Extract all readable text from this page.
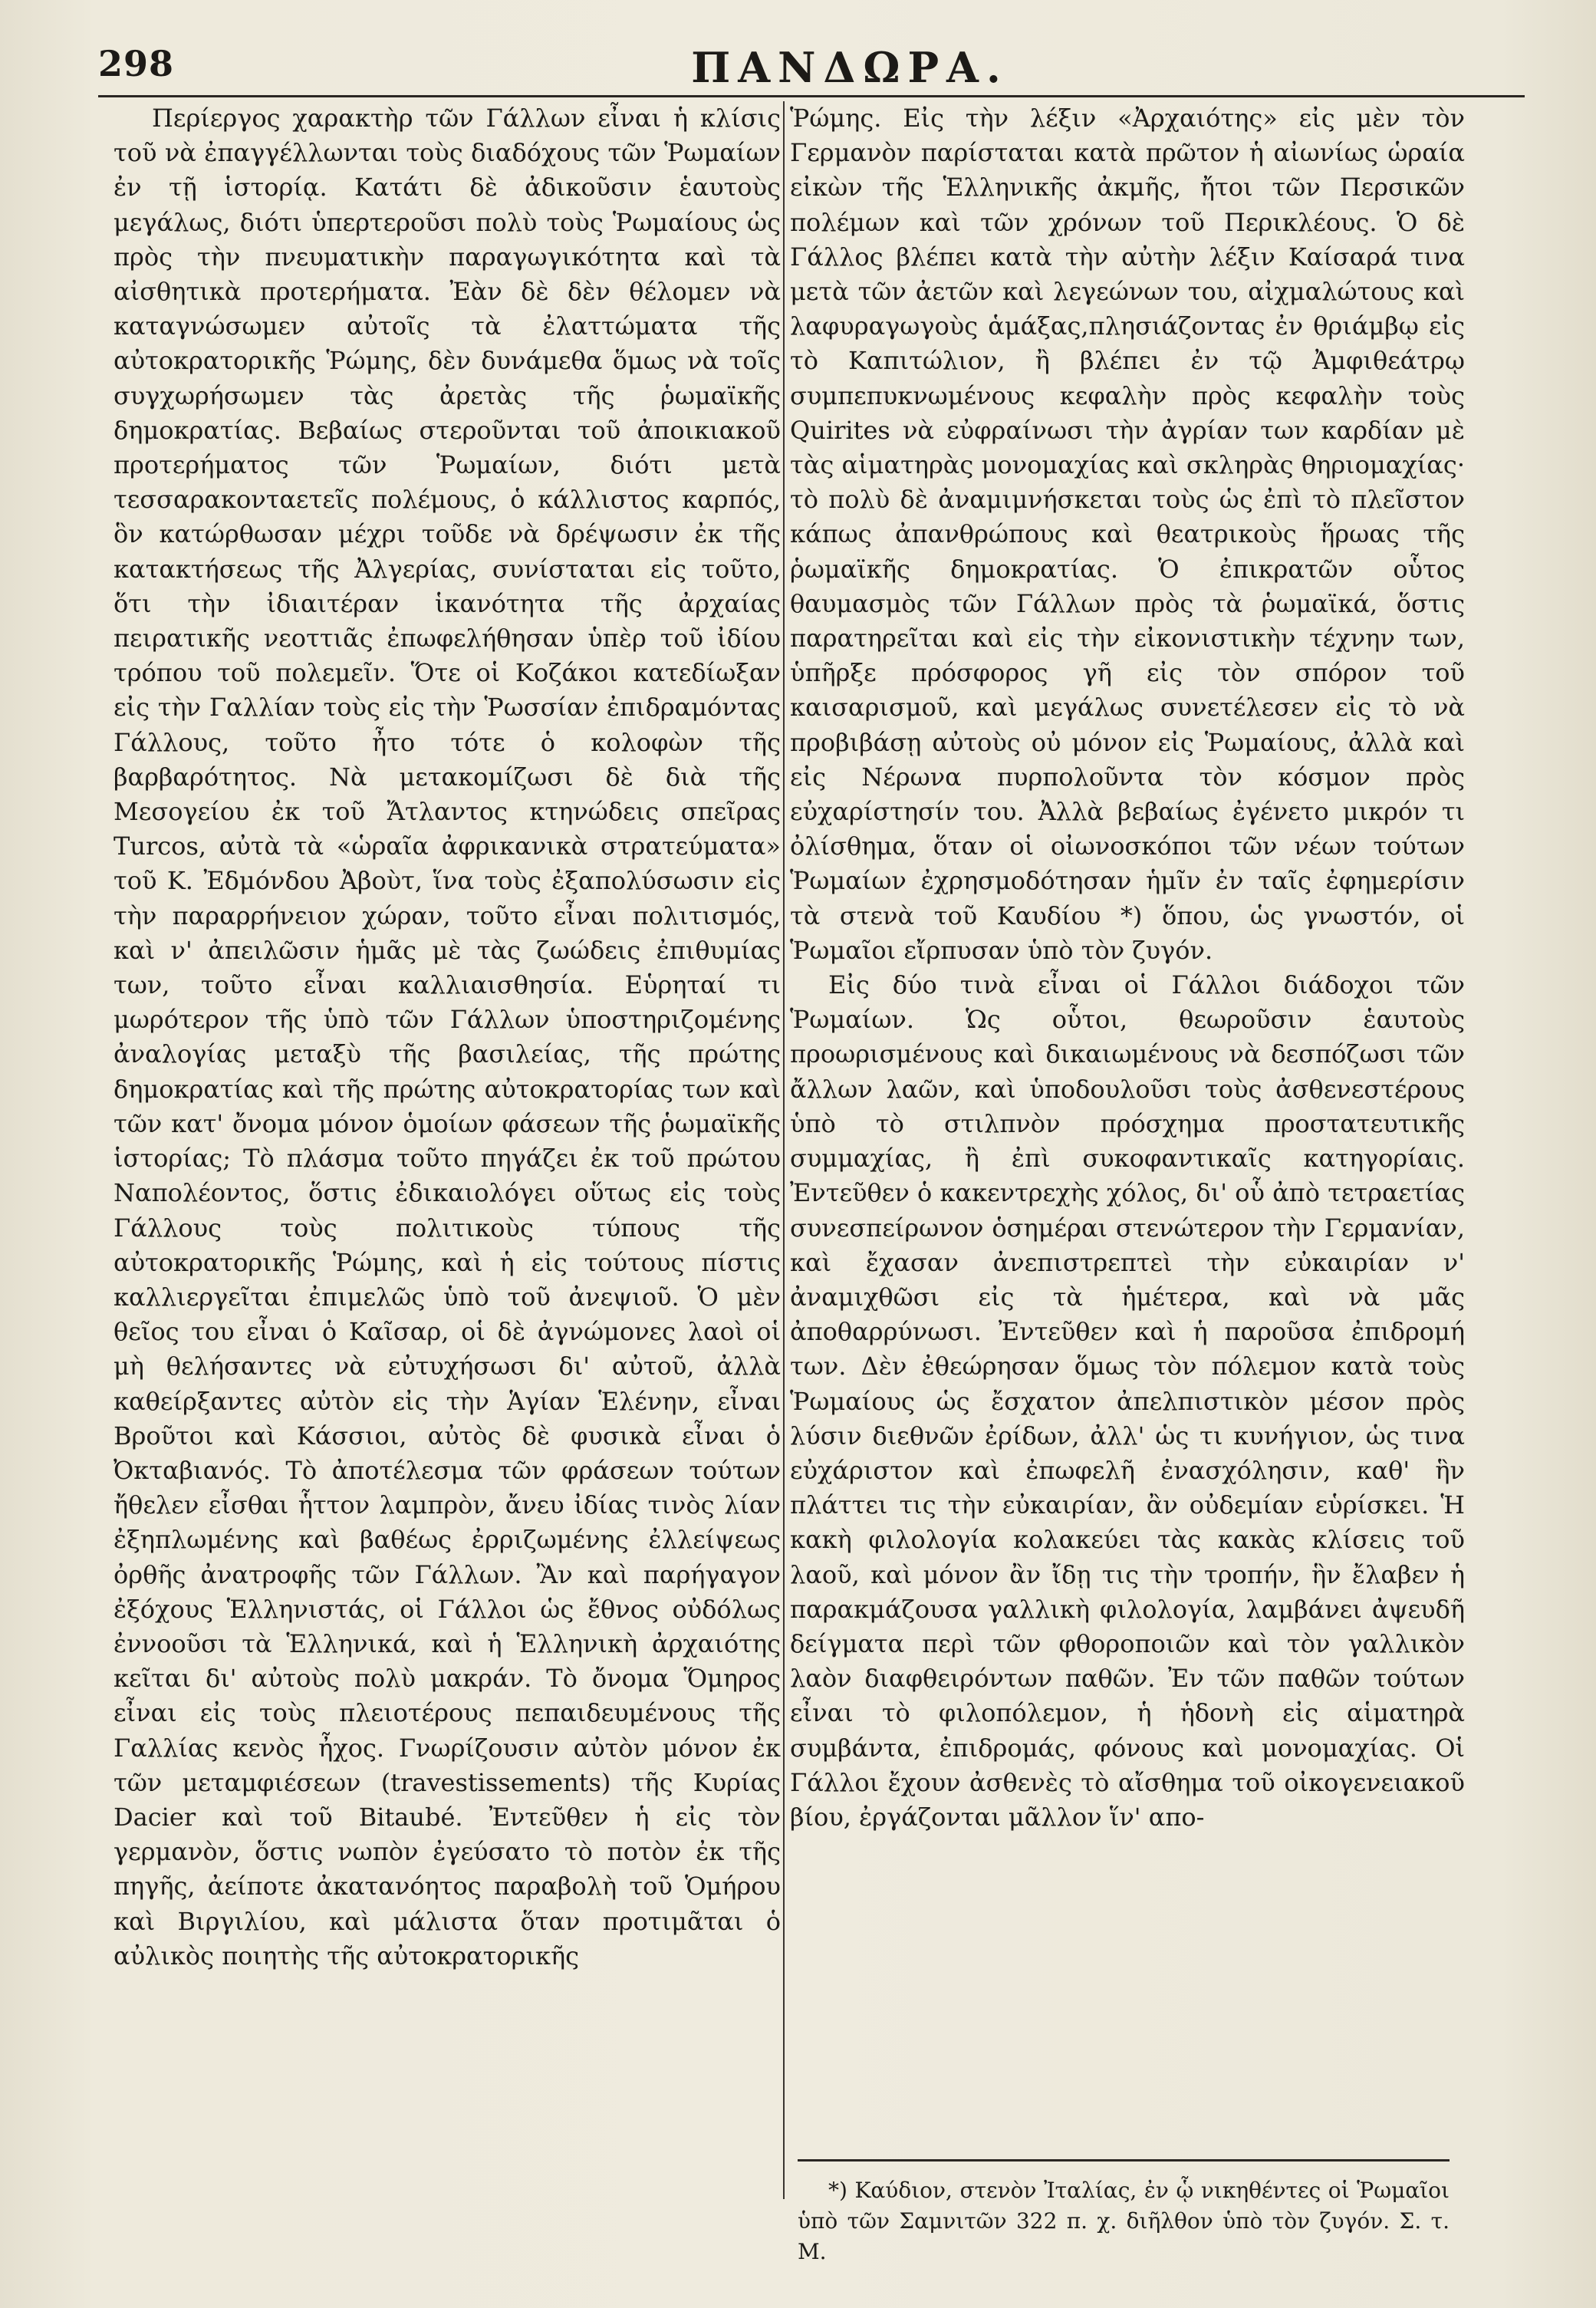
298	ΠΑΝΔΩΡΑ.

Περίεργος χαρακτὴρ τῶν Γάλλων εἶναι ἡ κλίσις τοῦ νὰ ἐπαγγέλλωνται τοὺς διαδόχους τῶν Ῥωμαίων ἐν τῇ ἱστορίᾳ. Κατάτι δὲ ἀδικοῦσιν ἑαυτοὺς μεγάλως, διότι ὑπερτεροῦσι πολὺ τοὺς Ῥωμαίους ὡς πρὸς τὴν πνευματικὴν παραγωγικότητα καὶ τὰ αἰσθητικὰ προτερήματα. Ἐὰν δὲ δὲν θέλομεν νὰ καταγνώσωμεν αὐτοῖς τὰ ἐλαττώματα τῆς αὐτοκρατορικῆς Ῥώμης, δὲν δυνάμεθα ὅμως νὰ τοῖς συγχωρήσωμεν τὰς ἀρετὰς τῆς ῥωμαϊκῆς δημοκρατίας. Βεβαίως στεροῦνται τοῦ ἀποικιακοῦ προτερήματος τῶν Ῥωμαίων, διότι μετὰ τεσσαρακονταετεῖς πολέμους, ὁ κάλλιστος καρπός, ὃν κατώρθωσαν μέχρι τοῦδε νὰ δρέψωσιν ἐκ τῆς κατακτήσεως τῆς Ἀλγερίας, συνίσταται εἰς τοῦτο, ὅτι τὴν ἰδιαιτέραν ἱκανότητα τῆς ἀρχαίας πειρατικῆς νεοττιᾶς ἐπωφελήθησαν ὑπὲρ τοῦ ἰδίου τρόπου τοῦ πολεμεῖν. Ὅτε οἱ Κοζάκοι κατεδίωξαν εἰς τὴν Γαλλίαν τοὺς εἰς τὴν Ῥωσσίαν ἐπιδραμόντας Γάλλους, τοῦτο ἦτο τότε ὁ κολοφὼν τῆς βαρβαρότητος. Νὰ μετακομίζωσι δὲ διὰ τῆς Μεσογείου ἐκ τοῦ Ἄτλαντος κτηνώδεις σπεῖρας Turcos, αὐτὰ τὰ «ὡραῖα ἀφρικανικὰ στρατεύματα» τοῦ Κ. Ἐδμόνδου Ἀβοὺτ, ἵνα τοὺς ἐξαπολύσωσιν εἰς τὴν παραρρήνειον χώραν, τοῦτο εἶναι πολιτισμός, καὶ ν' ἀπειλῶσιν ἡμᾶς μὲ τὰς ζωώδεις ἐπιθυμίας των, τοῦτο εἶναι καλλιαισθησία. Εὑρηταί τι μωρότερον τῆς ὑπὸ τῶν Γάλλων ὑποστηριζομένης ἀναλογίας μεταξὺ τῆς βασιλείας, τῆς πρώτης δημοκρατίας καὶ τῆς πρώτης αὐτοκρατορίας των καὶ τῶν κατ' ὄνομα μόνον ὁμοίων φάσεων τῆς ῥωμαϊκῆς ἱστορίας; Τὸ πλάσμα τοῦτο πηγάζει ἐκ τοῦ πρώτου Ναπολέοντος, ὅστις ἐδικαιολόγει οὕτως εἰς τοὺς Γάλλους τοὺς πολιτικοὺς τύπους τῆς αὐτοκρατορικῆς Ῥώμης, καὶ ἡ εἰς τούτους πίστις καλλιεργεῖται ἐπιμελῶς ὑπὸ τοῦ ἀνεψιοῦ. Ὁ μὲν θεῖος του εἶναι ὁ Καῖσαρ, οἱ δὲ ἀγνώμονες λαοὶ οἱ μὴ θελήσαντες νὰ εὐτυχήσωσι δι' αὐτοῦ, ἀλλὰ καθείρξαντες αὐτὸν εἰς τὴν Ἁγίαν Ἑλένην, εἶναι Βροῦτοι καὶ Κάσσιοι, αὐτὸς δὲ φυσικὰ εἶναι ὁ Ὀκταβιανός. Τὸ ἀποτέλεσμα τῶν φράσεων τούτων ἤθελεν εἶσθαι ἧττον λαμπρὸν, ἄνευ ἰδίας τινὸς λίαν ἐξηπλωμένης καὶ βαθέως ἐρριζωμένης ἐλλείψεως ὀρθῆς ἀνατροφῆς τῶν Γάλλων. Ἂν καὶ παρήγαγον ἐξόχους Ἑλληνιστάς, οἱ Γάλλοι ὡς ἔθνος οὐδόλως ἐννοοῦσι τὰ Ἑλληνικά, καὶ ἡ Ἑλληνικὴ ἀρχαιότης κεῖται δι' αὐτοὺς πολὺ μακράν. Τὸ ὄνομα Ὅμηρος εἶναι εἰς τοὺς πλειοτέρους πεπαιδευμένους τῆς Γαλλίας κενὸς ἦχος. Γνωρίζουσιν αὐτὸν μόνον ἐκ τῶν μεταμφιέσεων (travestissements) τῆς Κυρίας Dacier καὶ τοῦ Bitaubé. Ἐντεῦθεν ἡ εἰς τὸν γερμανὸν, ὅστις νωπὸν ἐγεύσατο τὸ ποτὸν ἐκ τῆς πηγῆς, ἀείποτε ἀκατανόητος παραβολὴ τοῦ Ὁμήρου καὶ Βιργιλίου, καὶ μάλιστα ὅταν προτιμᾶται ὁ αὐλικὸς ποιητὴς τῆς αὐτοκρατορικῆς

Ῥώμης. Εἰς τὴν λέξιν «Ἀρχαιότης» εἰς μὲν τὸν Γερμανὸν παρίσταται κατὰ πρῶτον ἡ αἰωνίως ὡραία εἰκὼν τῆς Ἑλληνικῆς ἀκμῆς, ἤτοι τῶν Περσικῶν πολέμων καὶ τῶν χρόνων τοῦ Περικλέους. Ὁ δὲ Γάλλος βλέπει κατὰ τὴν αὐτὴν λέξιν Καίσαρά τινα μετὰ τῶν ἀετῶν καὶ λεγεώνων του, αἰχμαλώτους καὶ λαφυραγωγοὺς ἁμάξας,πλησιάζοντας ἐν θριάμβῳ εἰς τὸ Καπιτώλιον, ἢ βλέπει ἐν τῷ Ἀμφιθεάτρῳ συμπεπυκνωμένους κεφαλὴν πρὸς κεφαλὴν τοὺς Quirites νὰ εὐφραίνωσι τὴν ἀγρίαν των καρδίαν μὲ τὰς αἱματηρὰς μονομαχίας καὶ σκληρὰς θηριομαχίας· τὸ πολὺ δὲ ἀναμιμνήσκεται τοὺς ὡς ἐπὶ τὸ πλεῖστον κάπως ἀπανθρώπους καὶ θεατρικοὺς ἥρωας τῆς ῥωμαϊκῆς δημοκρατίας. Ὁ ἐπικρατῶν οὗτος θαυμασμὸς τῶν Γάλλων πρὸς τὰ ῥωμαϊκά, ὅστις παρατηρεῖται καὶ εἰς τὴν εἰκονιστικὴν τέχνην των, ὑπῆρξε πρόσφορος γῆ εἰς τὸν σπόρον τοῦ καισαρισμοῦ, καὶ μεγάλως συνετέλεσεν εἰς τὸ νὰ προβιβάσῃ αὐτοὺς οὐ μόνον εἰς Ῥωμαίους, ἀλλὰ καὶ εἰς Νέρωνα πυρπολοῦντα τὸν κόσμον πρὸς εὐχαρίστησίν του. Ἀλλὰ βεβαίως ἐγένετο μικρόν τι ὀλίσθημα, ὅταν οἱ οἰωνοσκόποι τῶν νέων τούτων Ῥωμαίων ἐχρησμοδότησαν ἡμῖν ἐν ταῖς ἐφημερίσιν τὰ στενὰ τοῦ Καυδίου *) ὅπου, ὡς γνωστόν, οἱ Ῥωμαῖοι εἴρπυσαν ὑπὸ τὸν ζυγόν.

Εἰς δύο τινὰ εἶναι οἱ Γάλλοι διάδοχοι τῶν Ῥωμαίων. Ὡς οὗτοι, θεωροῦσιν ἑαυτοὺς προωρισμένους καὶ δικαιωμένους νὰ δεσπόζωσι τῶν ἄλλων λαῶν, καὶ ὑποδουλοῦσι τοὺς ἀσθενεστέρους ὑπὸ τὸ στιλπνὸν πρόσχημα προστατευτικῆς συμμαχίας, ἢ ἐπὶ συκοφαντικαῖς κατηγορίαις. Ἐντεῦθεν ὁ κακεντρεχὴς χόλος, δι' οὗ ἀπὸ τετραετίας συνεσπείρωνον ὁσημέραι στενώτερον τὴν Γερμανίαν, καὶ ἔχασαν ἀνεπιστρεπτεὶ τὴν εὐκαιρίαν ν' ἀναμιχθῶσι εἰς τὰ ἡμέτερα, καὶ νὰ μᾶς ἀποθαρρύνωσι. Ἐντεῦθεν καὶ ἡ παροῦσα ἐπιδρομή των. Δὲν ἐθεώρησαν ὅμως τὸν πόλεμον κατὰ τοὺς Ῥωμαίους ὡς ἔσχατον ἀπελπιστικὸν μέσον πρὸς λύσιν διεθνῶν ἐρίδων, ἀλλ' ὡς τι κυνήγιον, ὡς τινα εὐχάριστον καὶ ἐπωφελῆ ἐνασχόλησιν, καθ' ἣν πλάττει τις τὴν εὐκαιρίαν, ἂν οὐδεμίαν εὑρίσκει. Ἡ κακὴ φιλολογία κολακεύει τὰς κακὰς κλίσεις τοῦ λαοῦ, καὶ μόνον ἂν ἴδῃ τις τὴν τροπήν, ἣν ἔλαβεν ἡ παρακμάζουσα γαλλικὴ φιλολογία, λαμβάνει ἀψευδῆ δείγματα περὶ τῶν φθοροποιῶν καὶ τὸν γαλλικὸν λαὸν διαφθειρόντων παθῶν. Ἐν τῶν παθῶν τούτων εἶναι τὸ φιλοπόλεμον, ἡ ἡδονὴ εἰς αἱματηρὰ συμβάντα, ἐπιδρομάς, φόνους καὶ μονομαχίας. Οἱ Γάλλοι ἔχουν ἀσθενὲς τὸ αἴσθημα τοῦ οἰκογενειακοῦ βίου, ἐργάζονται μᾶλλον ἵν' απο-

*) Καύδιον, στενὸν Ἰταλίας, ἐν ᾧ νικηθέντες οἱ Ῥωμαῖοι ὑπὸ τῶν Σαμνιτῶν 322 π. χ. διῆλθον ὑπὸ τὸν ζυγόν. Σ. τ. Μ.
